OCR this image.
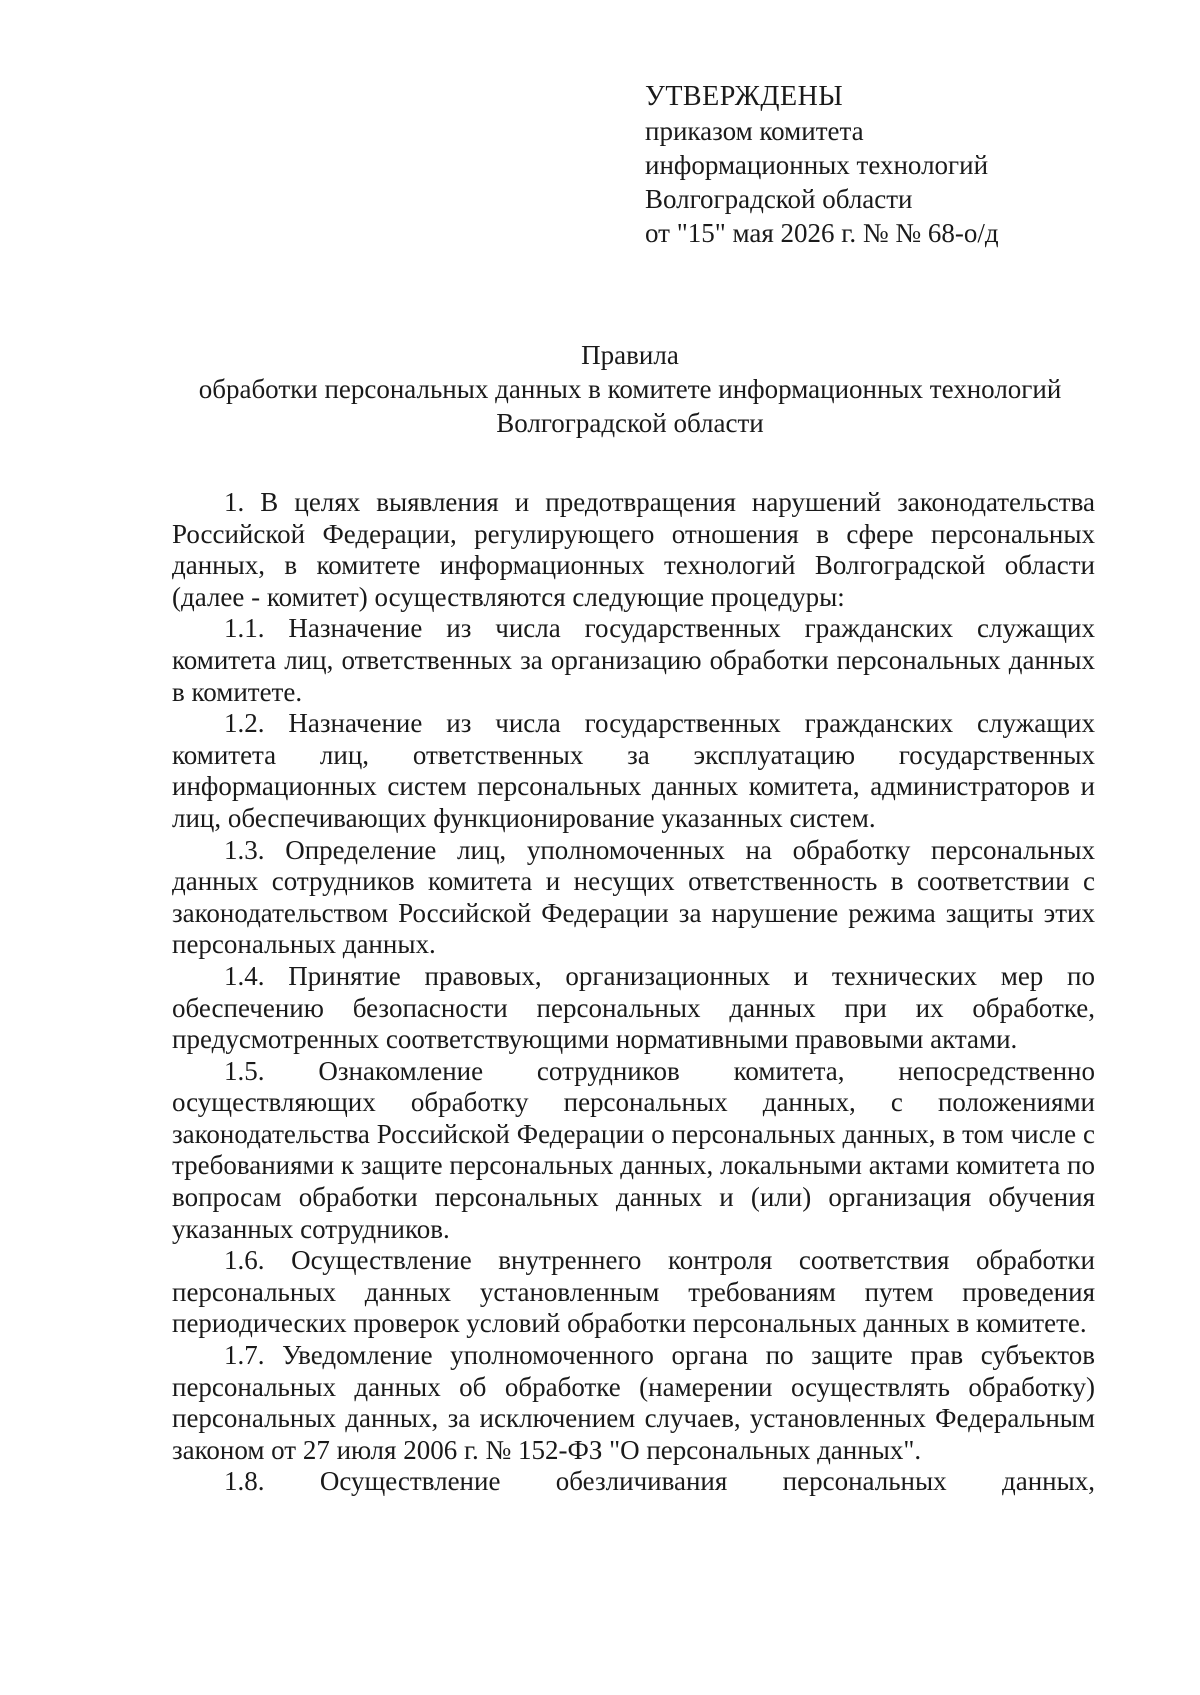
УТВЕРЖДЕНЫ
приказом комитета
информационных технологий
Волгоградской области
от "15" мая 2026 г. № № 68-о/д
Правила
обработки персональных данных в комитете информационных технологий
Волгоградской области

1. В целях выявления и предотвращения нарушений законодательства Российской Федерации, регулирующего отношения в сфере персональных данных, в комитете информационных технологий Волгоградской области (далее - комитет) осуществляются следующие процедуры:

1.1. Назначение из числа государственных гражданских служащих комитета лиц, ответственных за организацию обработки персональных данных в комитете.

1.2. Назначение из числа государственных гражданских служащих комитета лиц, ответственных за эксплуатацию государственных информационных систем персональных данных комитета, администраторов и лиц, обеспечивающих функционирование указанных систем.

1.3. Определение лиц, уполномоченных на обработку персональных данных сотрудников комитета и несущих ответственность в соответствии с законодательством Российской Федерации за нарушение режима защиты этих персональных данных.

1.4. Принятие правовых, организационных и технических мер по обеспечению безопасности персональных данных при их обработке, предусмотренных соответствующими нормативными правовыми актами.

1.5. Ознакомление сотрудников комитета, непосредственно осуществляющих обработку персональных данных, с положениями законодательства Российской Федерации о персональных данных, в том числе с требованиями к защите персональных данных, локальными актами комитета по вопросам обработки персональных данных и (или) организация обучения указанных сотрудников.

1.6. Осуществление внутреннего контроля соответствия обработки персональных данных установленным требованиям путем проведения периодических проверок условий обработки персональных данных в комитете.

1.7. Уведомление уполномоченного органа по защите прав субъектов персональных данных об обработке (намерении осуществлять обработку) персональных данных, за исключением случаев, установленных Федеральным законом от 27 июля 2006 г. № 152-ФЗ "О персональных данных".

1.8. Осуществление обезличивания персональных данных,
